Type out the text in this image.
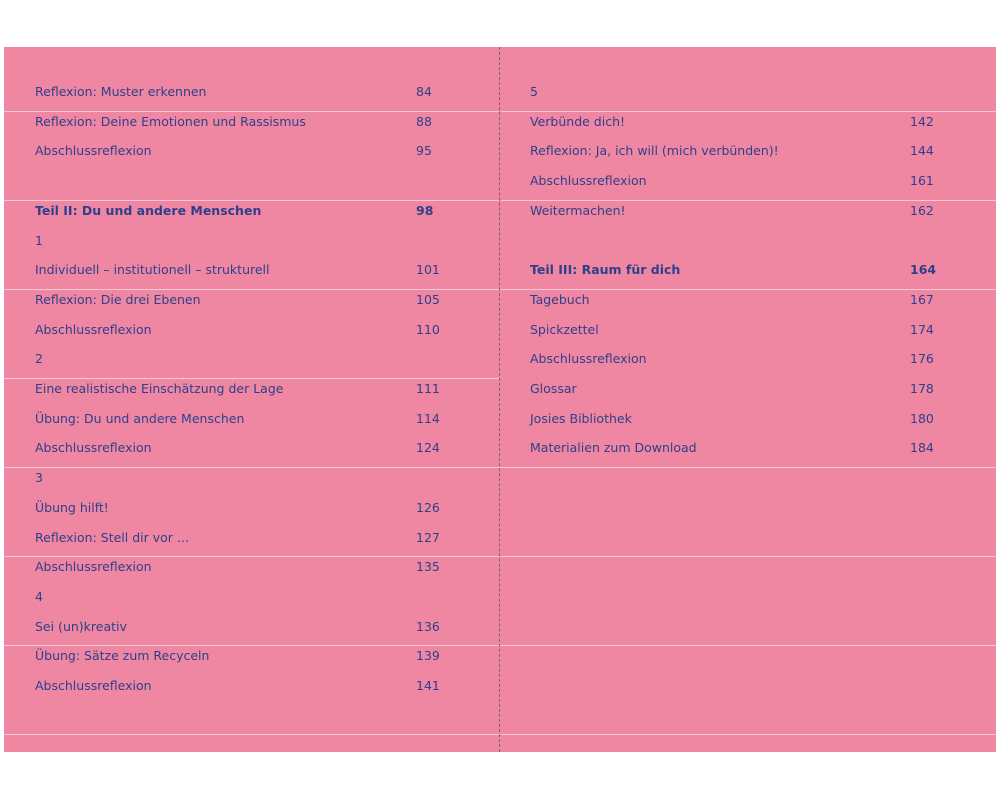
Reflexion: Muster erkennen	84
Reflexion: Deine Emotionen und Rassismus	88
Abschlussreflexion	95
Teil II: Du und andere Menschen	98
1
Individuell – institutionell – strukturell	101
Reflexion: Die drei Ebenen	105
Abschlussreflexion	110
2
Eine realistische Einschätzung der Lage	111
Übung: Du und andere Menschen	114
Abschlussreflexion	124
3
Übung hilft!	126
Reflexion: Stell dir vor …	127
Abschlussreflexion	135
4
Sei (un)kreativ	136
Übung: Sätze zum Recyceln	139
Abschlussreflexion	141
5
Verbünde dich!	142
Reflexion: Ja, ich will (mich verbünden)!	144
Abschlussreflexion	161
Weitermachen!	162
Teil III: Raum für dich	164
Tagebuch	167
Spickzettel	174
Abschlussreflexion	176
Glossar	178
Josies Bibliothek	180
Materialien zum Download	184
